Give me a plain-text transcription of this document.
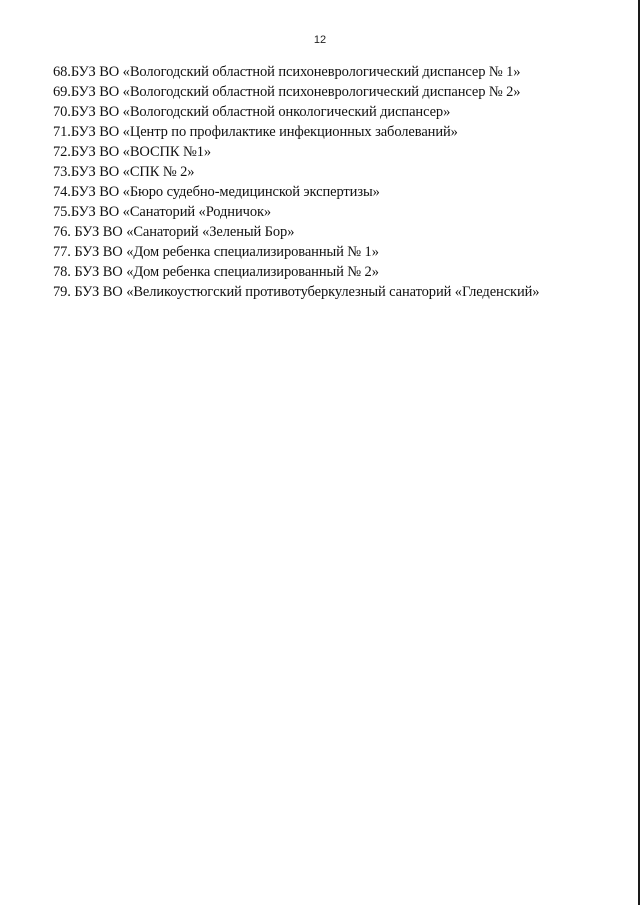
12
68.БУЗ ВО «Вологодский областной психоневрологический диспансер № 1»
69.БУЗ ВО «Вологодский областной психоневрологический диспансер № 2»
70.БУЗ ВО «Вологодский областной онкологический диспансер»
71.БУЗ ВО «Центр по профилактике инфекционных заболеваний»
72.БУЗ ВО «ВОСПК №1»
73.БУЗ ВО «СПК № 2»
74.БУЗ ВО «Бюро судебно-медицинской экспертизы»
75.БУЗ ВО «Санаторий «Родничок»
76. БУЗ ВО «Санаторий «Зеленый Бор»
77. БУЗ ВО «Дом ребенка специализированный № 1»
78. БУЗ ВО «Дом ребенка специализированный № 2»
79. БУЗ ВО «Великоустюгский противотуберкулезный санаторий «Гледенский»
